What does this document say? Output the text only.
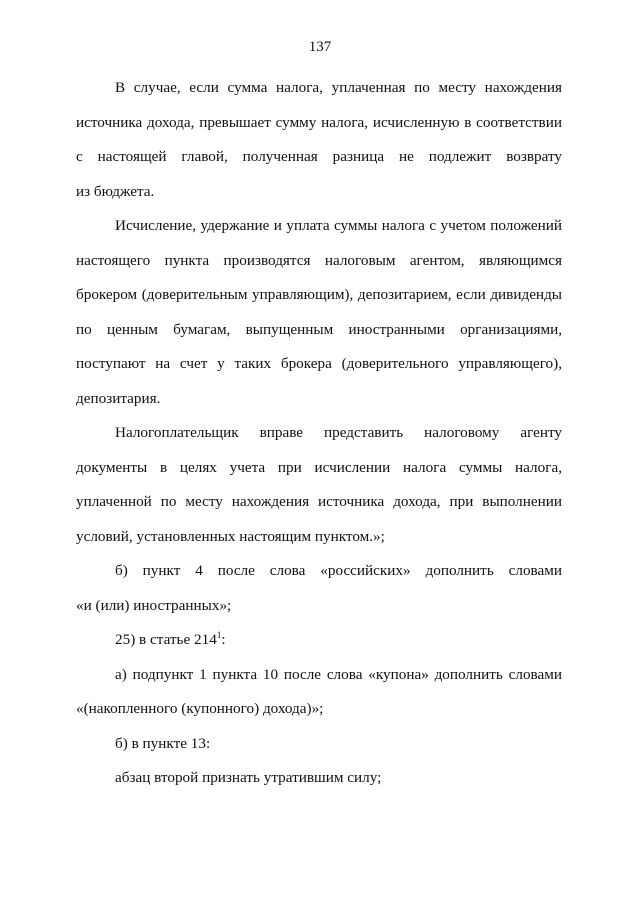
137
В случае, если сумма налога, уплаченная по месту нахождения
источника дохода, превышает сумму налога, исчисленную в соответствии
с настоящей главой, полученная разница не подлежит возврату
из бюджета.
Исчисление, удержание и уплата суммы налога с учетом положений
настоящего пункта производятся налоговым агентом, являющимся
брокером (доверительным управляющим), депозитарием, если дивиденды
по ценным бумагам, выпущенным иностранными организациями,
поступают на счет у таких брокера (доверительного управляющего),
депозитария.
Налогоплательщик вправе представить налоговому агенту
документы в целях учета при исчислении налога суммы налога,
уплаченной по месту нахождения источника дохода, при выполнении
условий, установленных настоящим пунктом.»;
б) пункт 4 после слова «российских» дополнить словами
«и (или) иностранных»;
25) в статье $214^1$:
а) подпункт 1 пункта 10 после слова «купона» дополнить словами
«(накопленного (купонного) дохода)»;
б) в пункте 13:
абзац второй признать утратившим силу;
